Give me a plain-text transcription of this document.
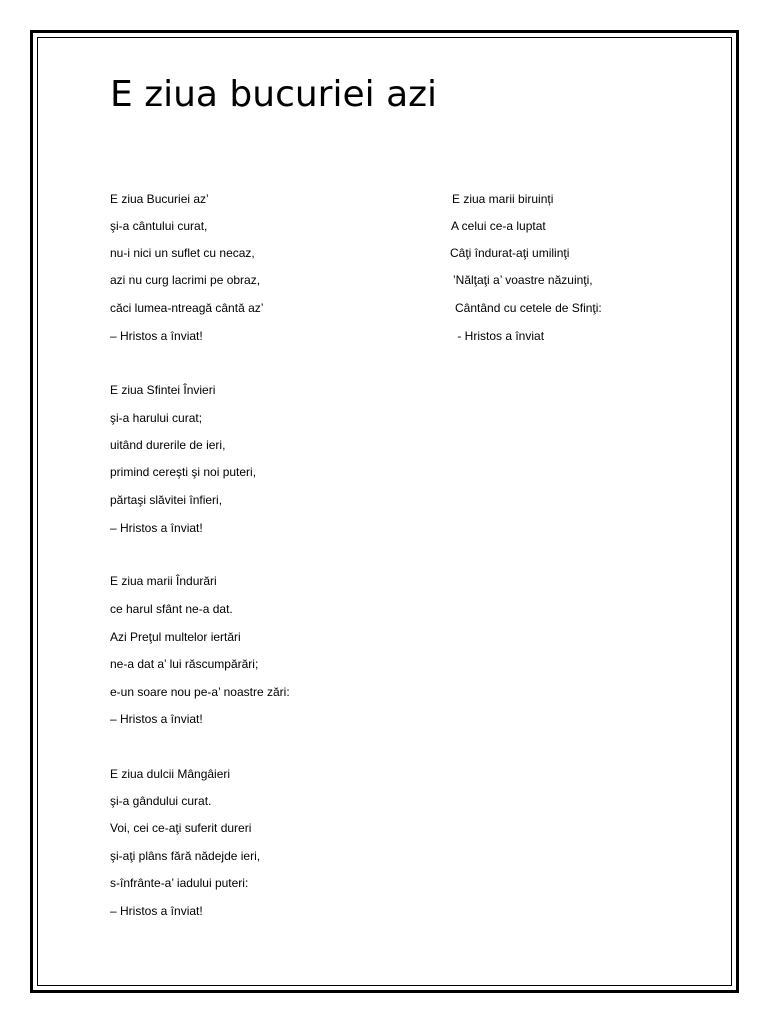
E ziua bucuriei azi
E ziua Bucuriei az’
şi-a cântului curat,
nu-i nici un suflet cu necaz,
azi nu curg lacrimi pe obraz,
căci lumea-ntreagă cântă az’
– Hristos a înviat!
E ziua Sfintei Învieri
şi-a harului curat;
uitând durerile de ieri,
primind cereşti şi noi puteri,
părtaşi slăvitei înfieri,
– Hristos a înviat!
E ziua marii Îndurări
ce harul sfânt ne-a dat.
Azi Preţul multelor iertări
ne-a dat a’ lui răscumpărări;
e-un soare nou pe-a’ noastre zări:
– Hristos a înviat!
E ziua dulcii Mângâieri
şi-a gândului curat.
Voi, cei ce-aţi suferit dureri
şi-aţi plâns fără nădejde ieri,
s-înfrânte-a’ iadului puteri:
– Hristos a înviat!
E ziua marii biruinți
A celui ce-a luptat
Câţi îndurat-aţi umilinţi
’Nălţaţi a’ voastre năzuinţi,
Cântând cu cetele de Sfinţi:
- Hristos a înviat
